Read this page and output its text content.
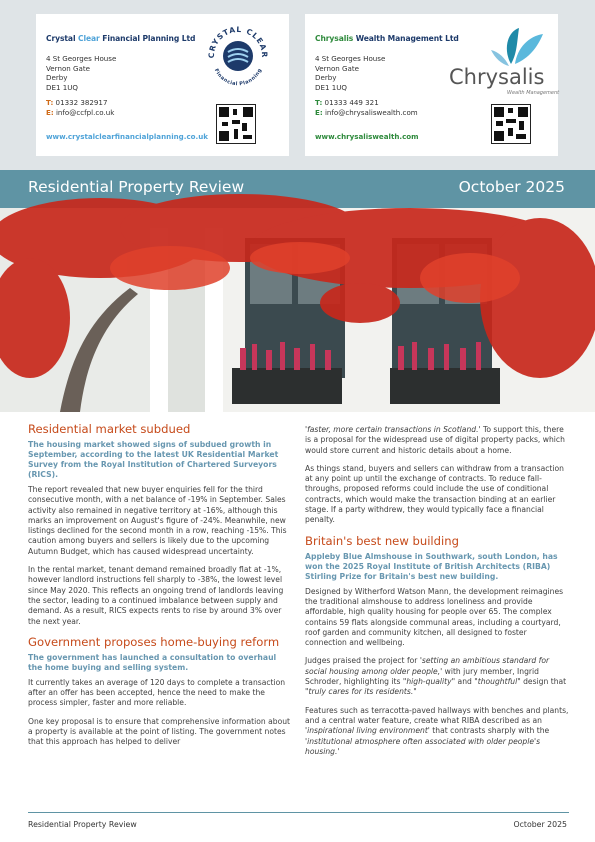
Crystal Clear Financial Planning Ltd
4 St Georges House
Vernon Gate
Derby
DE1 1UQ
T: 01332 382917
E: info@ccfpl.co.uk
www.crystalclearfinancialplanning.co.uk
CRYSTAL CLEAR
Financial Planning
Chrysalis Wealth Management Ltd
4 St Georges House
Vernon Gate
Derby
DE1 1UQ
T: 01333 449 321
E: info@chrysaliswealth.com
www.chrysaliswealth.com
Chrysalis
Wealth Management
Residential Property Review	October 2025
Residential market subdued
The housing market showed signs of subdued growth in September, according to the latest UK Residential Market Survey from the Royal Institution of Chartered Surveyors (RICS).

The report revealed that new buyer enquiries fell for the third consecutive month, with a net balance of -19% in September. Sales activity also remained in negative territory at -16%, although this marks an improvement on August's figure of -24%. Meanwhile, new listings declined for the second month in a row, reaching -15%. This caution among buyers and sellers is likely due to the upcoming Autumn Budget, which has caused widespread uncertainty.

In the rental market, tenant demand remained broadly flat at -1%, however landlord instructions fell sharply to -38%, the lowest level since May 2020. This reflects an ongoing trend of landlords leaving the sector, leading to a continued imbalance between supply and demand. As a result, RICS expects rents to rise by around 3% over the next year.

Government proposes home-buying reform
The government has launched a consultation to overhaul the home buying and selling system.

It currently takes an average of 120 days to complete a transaction after an offer has been accepted, hence the need to make the process simpler, faster and more reliable.

One key proposal is to ensure that comprehensive information about a property is available at the point of listing. The government notes that this approach has helped to deliver

'faster, more certain transactions in Scotland.' To support this, there is a proposal for the widespread use of digital property packs, which would store current and historic details about a home.

As things stand, buyers and sellers can withdraw from a transaction at any point up until the exchange of contracts. To reduce fall-throughs, proposed reforms could include the use of conditional contracts, which would make the transaction binding at an earlier stage. If a party withdrew, they would typically face a financial penalty.

Britain's best new building
Appleby Blue Almshouse in Southwark, south London, has won the 2025 Royal Institute of British Architects (RIBA) Stirling Prize for Britain's best new building.

Designed by Witherford Watson Mann, the development reimagines the traditional almshouse to address loneliness and provide affordable, high quality housing for people over 65. The complex contains 59 flats alongside communal areas, including a courtyard, roof garden and community kitchen, all designed to foster connection and wellbeing.

Judges praised the project for 'setting an ambitious standard for social housing among older people,' with jury member, Ingrid Schroder, highlighting its "high-quality" and "thoughtful" design that "truly cares for its residents."

Features such as terracotta-paved hallways with benches and plants, and a central water feature, create what RIBA described as an 'inspirational living environment' that contrasts sharply with the 'institutional atmosphere often associated with older people's housing.'

Residential Property Review	October 2025
